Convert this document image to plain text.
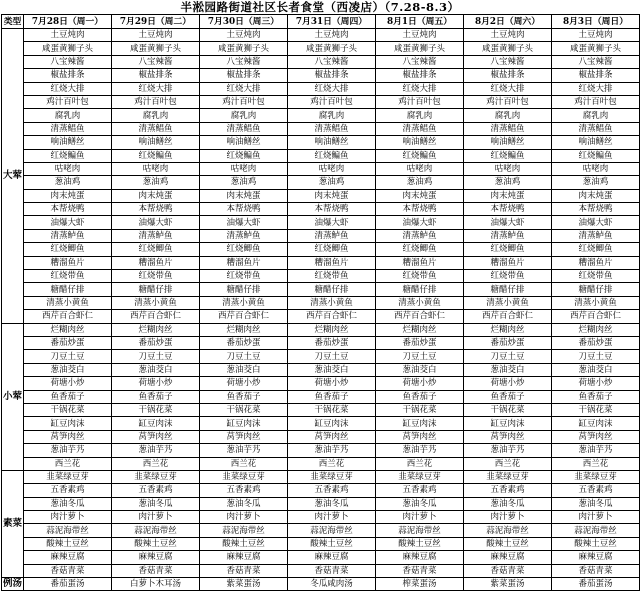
半淞园路街道社区长者食堂（西凌店）（7.28-8.3）
类型	7月28日（周一）	7月29日（周二）	7月30日（周三）	7月31日（周四）	8月1日（周五）	8月2日（周六）	8月3日（周日）
大荤	土豆炖肉	土豆炖肉	土豆炖肉	土豆炖肉	土豆炖肉	土豆炖肉	土豆炖肉
	咸蛋黄狮子头	咸蛋黄狮子头	咸蛋黄狮子头	咸蛋黄狮子头	咸蛋黄狮子头	咸蛋黄狮子头	咸蛋黄狮子头
	八宝辣酱	八宝辣酱	八宝辣酱	八宝辣酱	八宝辣酱	八宝辣酱	八宝辣酱
	椒盐排条	椒盐排条	椒盐排条	椒盐排条	椒盐排条	椒盐排条	椒盐排条
	红烧大排	红烧大排	红烧大排	红烧大排	红烧大排	红烧大排	红烧大排
	鸡汁百叶包	鸡汁百叶包	鸡汁百叶包	鸡汁百叶包	鸡汁百叶包	鸡汁百叶包	鸡汁百叶包
	腐乳肉	腐乳肉	腐乳肉	腐乳肉	腐乳肉	腐乳肉	腐乳肉
	清蒸鲳鱼	清蒸鲳鱼	清蒸鲳鱼	清蒸鲳鱼	清蒸鲳鱼	清蒸鲳鱼	清蒸鲳鱼
	响油鳝丝	响油鳝丝	响油鳝丝	响油鳝丝	响油鳝丝	响油鳝丝	响油鳝丝
	红烧鳊鱼	红烧鳊鱼	红烧鳊鱼	红烧鳊鱼	红烧鳊鱼	红烧鳊鱼	红烧鳊鱼
	咕咾肉	咕咾肉	咕咾肉	咕咾肉	咕咾肉	咕咾肉	咕咾肉
	葱油鸡	葱油鸡	葱油鸡	葱油鸡	葱油鸡	葱油鸡	葱油鸡
	肉末炖蛋	肉末炖蛋	肉末炖蛋	肉末炖蛋	肉末炖蛋	肉末炖蛋	肉末炖蛋
	本帮烧鸭	本帮烧鸭	本帮烧鸭	本帮烧鸭	本帮烧鸭	本帮烧鸭	本帮烧鸭
	油爆大虾	油爆大虾	油爆大虾	油爆大虾	油爆大虾	油爆大虾	油爆大虾
	清蒸鲈鱼	清蒸鲈鱼	清蒸鲈鱼	清蒸鲈鱼	清蒸鲈鱼	清蒸鲈鱼	清蒸鲈鱼
	红烧鲫鱼	红烧鲫鱼	红烧鲫鱼	红烧鲫鱼	红烧鲫鱼	红烧鲫鱼	红烧鲫鱼
	糟溜鱼片	糟溜鱼片	糟溜鱼片	糟溜鱼片	糟溜鱼片	糟溜鱼片	糟溜鱼片
	红烧带鱼	红烧带鱼	红烧带鱼	红烧带鱼	红烧带鱼	红烧带鱼	红烧带鱼
	糖醋仔排	糖醋仔排	糖醋仔排	糖醋仔排	糖醋仔排	糖醋仔排	糖醋仔排
	清蒸小黄鱼	清蒸小黄鱼	清蒸小黄鱼	清蒸小黄鱼	清蒸小黄鱼	清蒸小黄鱼	清蒸小黄鱼
	西芹百合虾仁	西芹百合虾仁	西芹百合虾仁	西芹百合虾仁	西芹百合虾仁	西芹百合虾仁	西芹百合虾仁
小荤	烂糊肉丝	烂糊肉丝	烂糊肉丝	烂糊肉丝	烂糊肉丝	烂糊肉丝	烂糊肉丝
	番茄炒蛋	番茄炒蛋	番茄炒蛋	番茄炒蛋	番茄炒蛋	番茄炒蛋	番茄炒蛋
	刀豆土豆	刀豆土豆	刀豆土豆	刀豆土豆	刀豆土豆	刀豆土豆	刀豆土豆
	葱油茭白	葱油茭白	葱油茭白	葱油茭白	葱油茭白	葱油茭白	葱油茭白
	荷塘小炒	荷塘小炒	荷塘小炒	荷塘小炒	荷塘小炒	荷塘小炒	荷塘小炒
	鱼香茄子	鱼香茄子	鱼香茄子	鱼香茄子	鱼香茄子	鱼香茄子	鱼香茄子
	干锅花菜	干锅花菜	干锅花菜	干锅花菜	干锅花菜	干锅花菜	干锅花菜
	缸豆肉沫	缸豆肉沫	缸豆肉沫	缸豆肉沫	缸豆肉沫	缸豆肉沫	缸豆肉沫
	莴笋肉丝	莴笋肉丝	莴笋肉丝	莴笋肉丝	莴笋肉丝	莴笋肉丝	莴笋肉丝
	葱油芋艿	葱油芋艿	葱油芋艿	葱油芋艿	葱油芋艿	葱油芋艿	葱油芋艿
	西兰花	西兰花	西兰花	西兰花	西兰花	西兰花	西兰花
素菜	韭菜绿豆芽	韭菜绿豆芽	韭菜绿豆芽	韭菜绿豆芽	韭菜绿豆芽	韭菜绿豆芽	韭菜绿豆芽
	五香素鸡	五香素鸡	五香素鸡	五香素鸡	五香素鸡	五香素鸡	五香素鸡
	葱油冬瓜	葱油冬瓜	葱油冬瓜	葱油冬瓜	葱油冬瓜	葱油冬瓜	葱油冬瓜
	肉汁萝卜	肉汁萝卜	肉汁萝卜	肉汁萝卜	肉汁萝卜	肉汁萝卜	肉汁萝卜
	蒜泥海带丝	蒜泥海带丝	蒜泥海带丝	蒜泥海带丝	蒜泥海带丝	蒜泥海带丝	蒜泥海带丝
	酸辣土豆丝	酸辣土豆丝	酸辣土豆丝	酸辣土豆丝	酸辣土豆丝	酸辣土豆丝	酸辣土豆丝
	麻辣豆腐	麻辣豆腐	麻辣豆腐	麻辣豆腐	麻辣豆腐	麻辣豆腐	麻辣豆腐
	香菇青菜	香菇青菜	香菇青菜	香菇青菜	香菇青菜	香菇青菜	香菇青菜
例汤	番茄蛋汤	白萝卜木耳汤	紫菜蛋汤	冬瓜咸肉汤	榨菜蛋汤	紫菜蛋汤	番茄蛋汤
